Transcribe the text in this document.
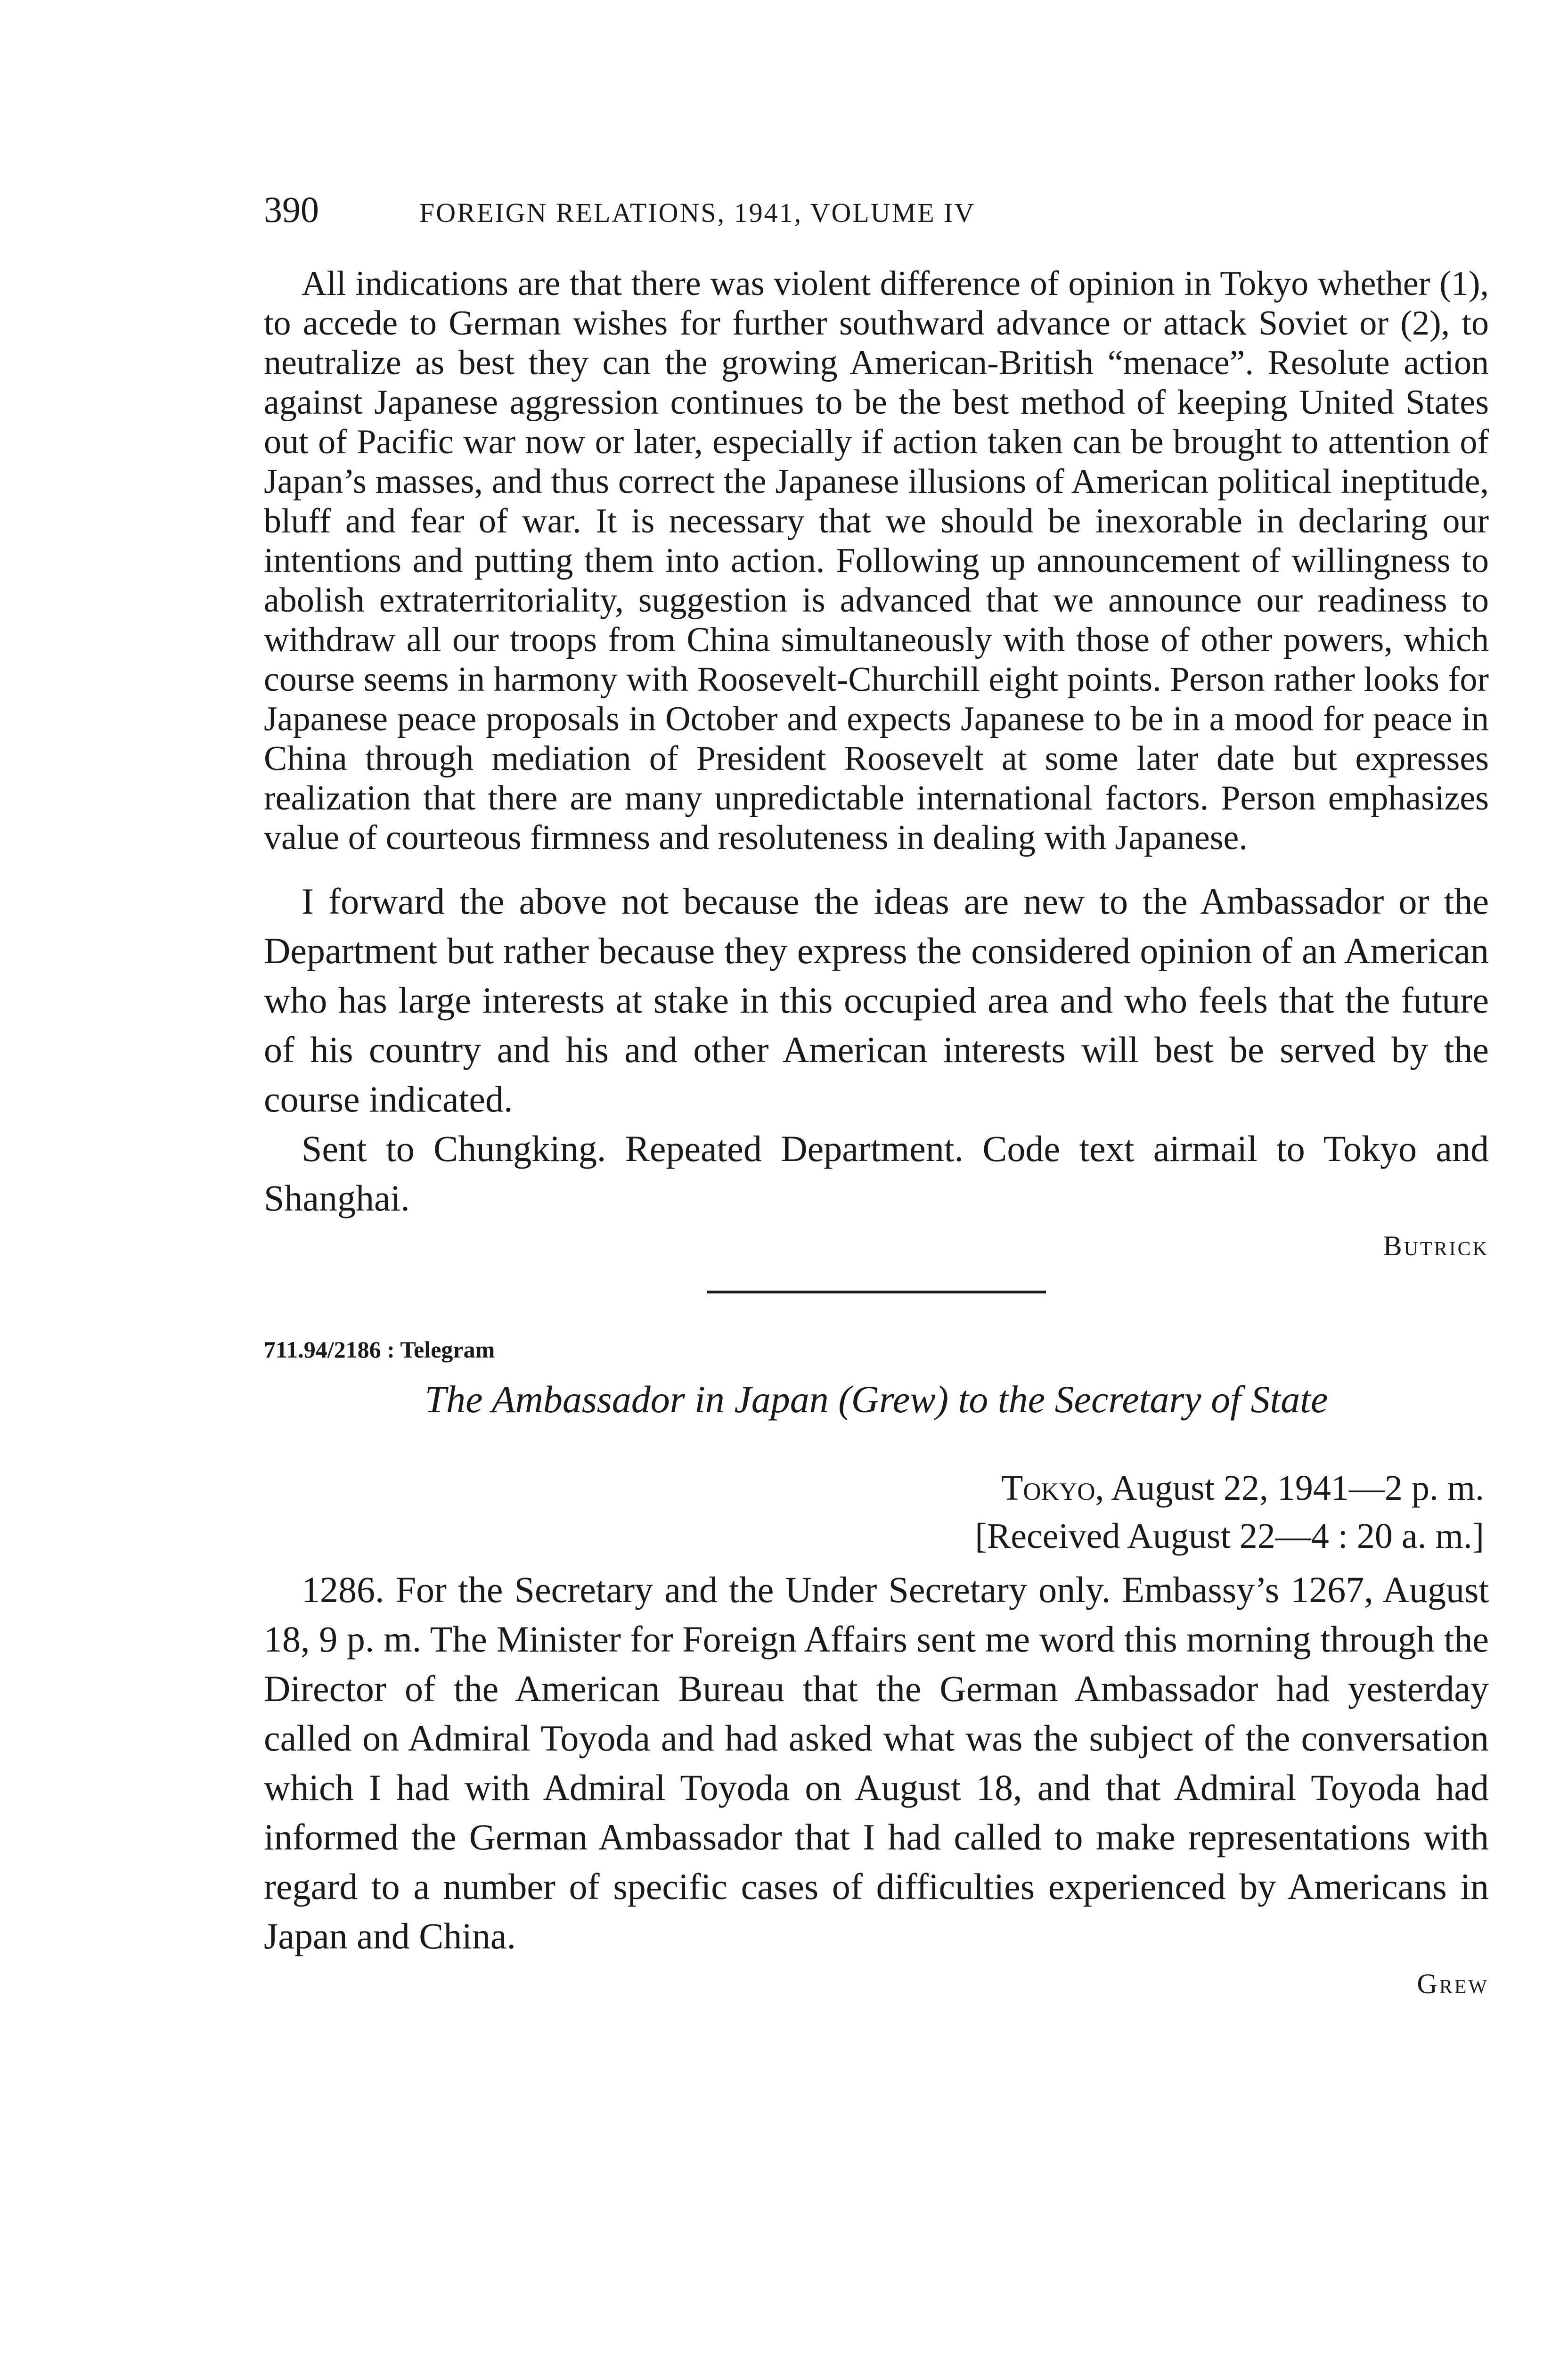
390	FOREIGN RELATIONS, 1941, VOLUME IV

All indications are that there was violent difference of opinion in Tokyo whether (1), to accede to German wishes for further southward advance or attack Soviet or (2), to neutralize as best they can the growing American-British “menace”. Resolute action against Japanese aggression continues to be the best method of keeping United States out of Pacific war now or later, especially if action taken can be brought to attention of Japan’s masses, and thus correct the Japanese illusions of American political ineptitude, bluff and fear of war. It is necessary that we should be inexorable in declaring our intentions and putting them into action. Following up announcement of willingness to abolish extraterritoriality, suggestion is advanced that we announce our readiness to withdraw all our troops from China simultaneously with those of other powers, which course seems in harmony with Roosevelt-Churchill eight points. Person rather looks for Japanese peace proposals in October and expects Japanese to be in a mood for peace in China through mediation of President Roosevelt at some later date but expresses realization that there are many unpredictable international factors. Person emphasizes value of courteous firmness and resoluteness in dealing with Japanese.

I forward the above not because the ideas are new to the Ambassador or the Department but rather because they express the considered opinion of an American who has large interests at stake in this occupied area and who feels that the future of his country and his and other American interests will best be served by the course indicated.

Sent to Chungking. Repeated Department. Code text airmail to Tokyo and Shanghai.

Butrick

711.94/2186 : Telegram

The Ambassador in Japan (Grew) to the Secretary of State

Tokyo, August 22, 1941—2 p. m.

[Received August 22—4 : 20 a. m.]

1286. For the Secretary and the Under Secretary only. Embassy’s 1267, August 18, 9 p. m. The Minister for Foreign Affairs sent me word this morning through the Director of the American Bureau that the German Ambassador had yesterday called on Admiral Toyoda and had asked what was the subject of the conversation which I had with Admiral Toyoda on August 18, and that Admiral Toyoda had informed the German Ambassador that I had called to make representations with regard to a number of specific cases of difficulties experienced by Americans in Japan and China.

Grew
